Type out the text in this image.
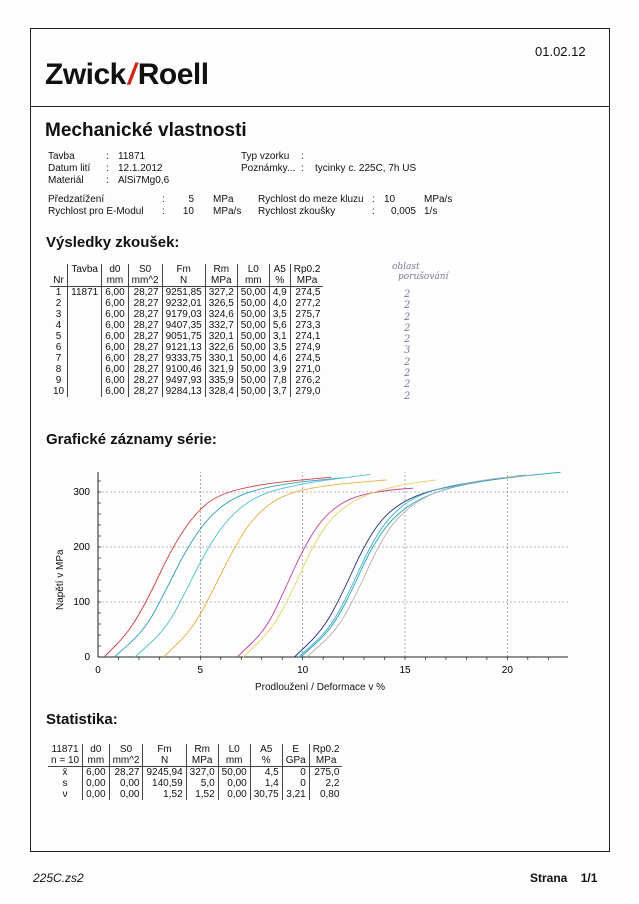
01.02.12
Zwick/Roell
Mechanické vlastnosti
Tavba	: 11871
Datum lití : 12.1.2012
Materiál : AlSi7Mg0,6
Typ vzorku :
Poznámky... : tycinky c. 225C, 7h US
Předzatížení	: 5 MPa
Rychlost pro E-Modul : 10 MPa/s
Rychlost do meze kluzu : 10	MPa/s
Rychlost zkoušky	: 0,005 1/s
Výsledky zkoušek:
	Tavba	d0	S0	Fm	Rm	L0	A5	Rp0.2
Nr		mm	mm^2	N	MPa	mm	%	MPa
1	11871	6,00	28,27	9251,85	327,2	50,00	4,9	274,5
2		6,00	28,27	9232,01	326,5	50,00	4,0	277,2
3		6,00	28,27	9179,03	324,6	50,00	3,5	275,7
4		6,00	28,27	9407,35	332,7	50,00	5,6	273,3
5		6,00	28,27	9051,75	320,1	50,00	3,1	274,1
6		6,00	28,27	9121,13	322,6	50,00	3,5	274,9
7		6,00	28,27	9333,75	330,1	50,00	4,6	274,5
8		6,00	28,27	9100,46	321,9	50,00	3,9	271,0
9		6,00	28,27	9497,93	335,9	50,00	7,8	276,2
10		6,00	28,27	9284,13	328,4	50,00	3,7	279,0
oblast
porušování
2
2
2
2
2
3
2
2
2
2
Grafické záznamy série:
0	5	10	15	20
0
100
200
300
Prodloužení / Deformace v %
Napětí v MPa
Statistika:
11871	d0	S0	Fm	Rm	L0	A5	E	Rp0.2
n = 10	mm	mm^2	N	MPa	mm	%	GPa	MPa
x̄	6,00	28,27	9245,94	327,0	50,00	4,5	0	275,0
s	0,00	0,00	140,59	5,0	0,00	1,4	0	2,2
ν	0,00	0,00	1,52	1,52	0,00	30,75	3,21	0,80
225C.zs2	Strana 1/1
